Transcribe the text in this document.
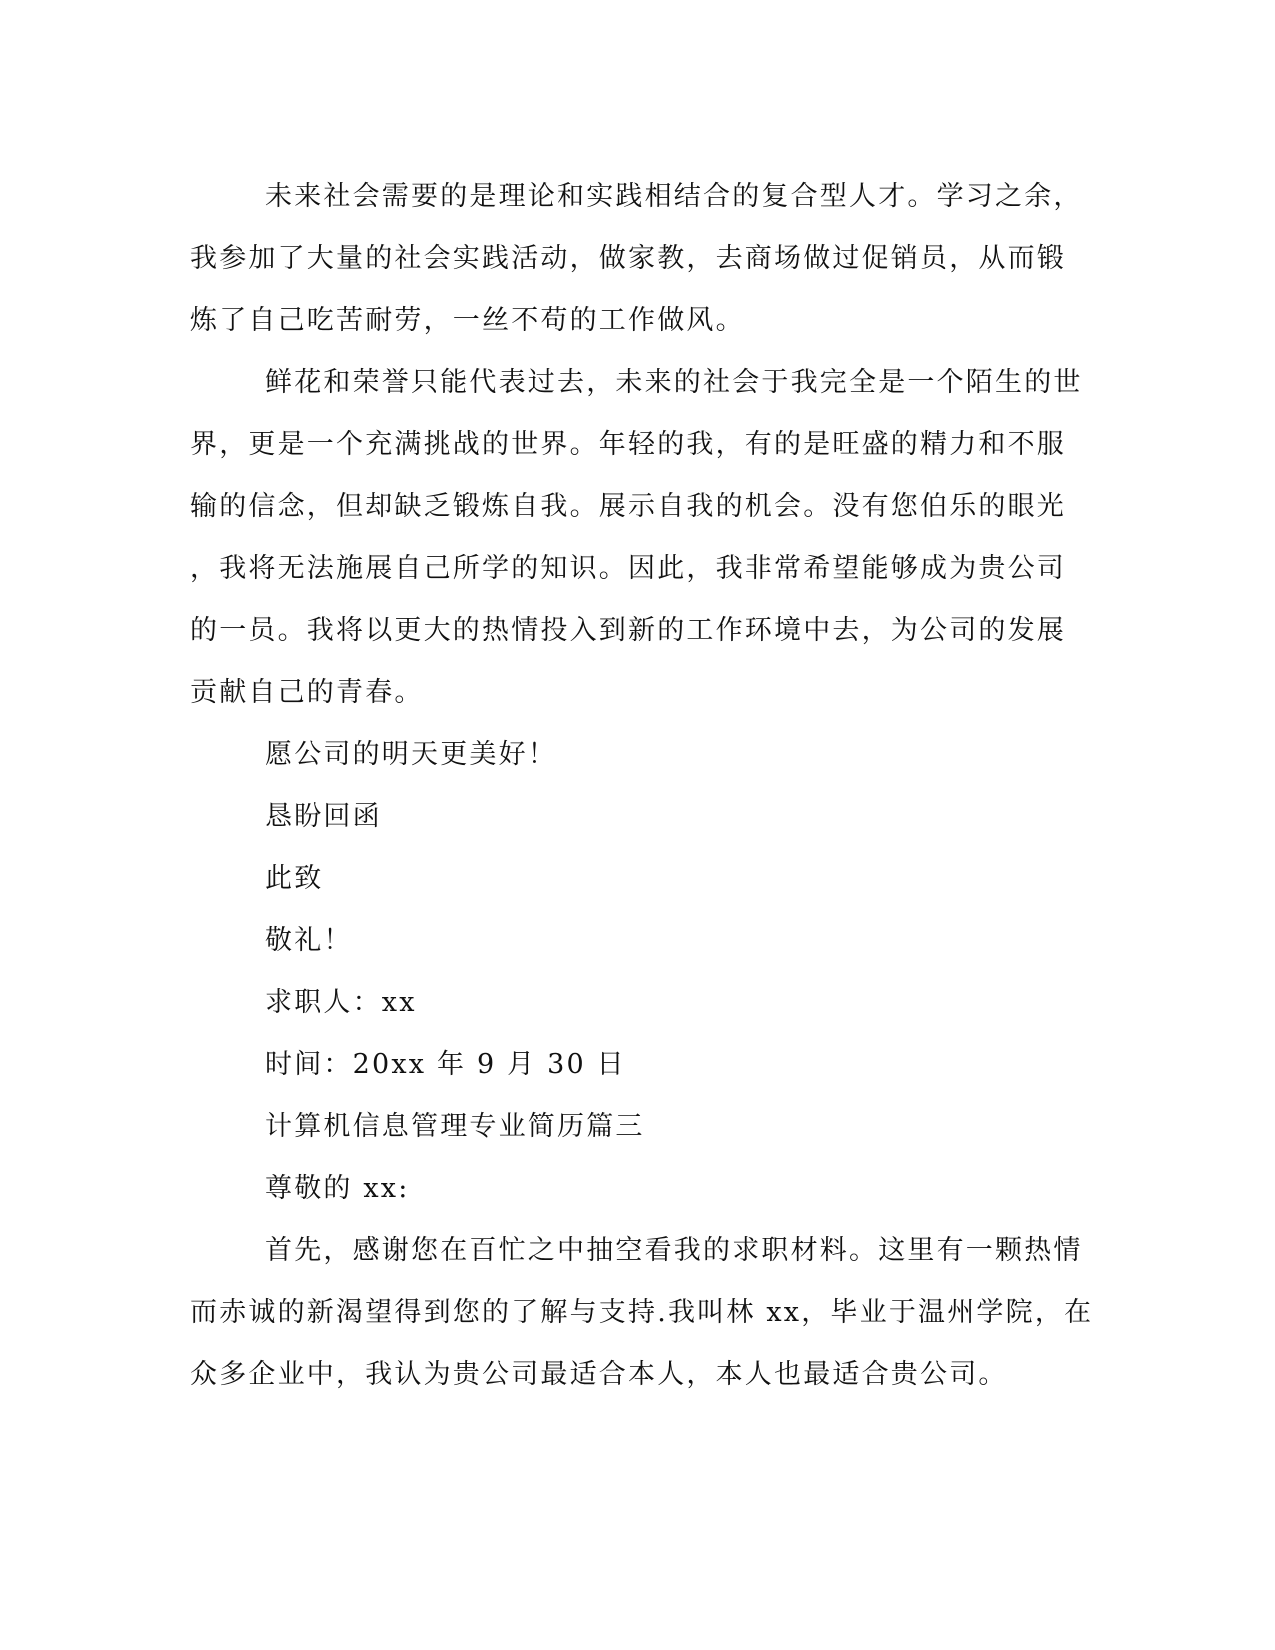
未来社会需要的是理论和实践相结合的复合型人才。学习之余，
我参加了大量的社会实践活动，做家教，去商场做过促销员，从而锻
炼了自己吃苦耐劳，一丝不苟的工作做风。
鲜花和荣誉只能代表过去，未来的社会于我完全是一个陌生的世
界，更是一个充满挑战的世界。年轻的我，有的是旺盛的精力和不服
输的信念，但却缺乏锻炼自我。展示自我的机会。没有您伯乐的眼光
，我将无法施展自己所学的知识。因此，我非常希望能够成为贵公司
的一员。我将以更大的热情投入到新的工作环境中去，为公司的发展
贡献自己的青春。

愿公司的明天更美好！

恳盼回函

此致

敬礼！

求职人：xx

时间：20xx 年 9 月 30 日

计算机信息管理专业简历篇三

尊敬的 xx:

首先，感谢您在百忙之中抽空看我的求职材料。这里有一颗热情
而赤诚的新渴望得到您的了解与支持.我叫林 xx，毕业于温州学院，在
众多企业中，我认为贵公司最适合本人，本人也最适合贵公司。
